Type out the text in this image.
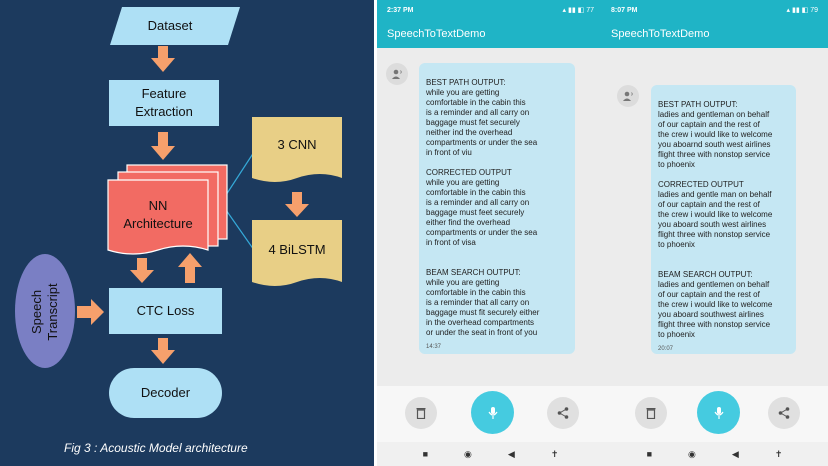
Dataset
Feature
Extraction
NN
Architecture
3 CNN
4 BiLSTM
CTC Loss
Speech
Transcript
Decoder
Fig 3 : Acoustic Model architecture
2:37 PM	▴ ▮▮ ◧ 77
SpeechToTextDemo

BEST PATH OUTPUT:
while you are getting
comfortable in the cabin this
is a reminder and all carry on
baggage must fet securely
neither ind the overhead
compartments or under the sea
in front of viu

CORRECTED OUTPUT
while you are getting
comfortable in the cabin this
is a reminder and all carry on
baggage must feet securely
either find the overhead
compartments or under the sea
in front of visa

BEAM SEARCH OUTPUT:
while you are getting
comfortable in the cabin this
is a reminder that all carry on
baggage must fit securely either
in the overhead compartments
or under the seat in front of you

14:37

■	◉	◀	✝
8:07 PM	▴ ▮▮ ◧ 79
SpeechToTextDemo

BEST PATH OUTPUT:
ladies and gentleman on behalf
of our captain and the rest of
the crew i would like to welcome
you aboarnd south west airlines
flight three with nonstop service
to phoenix

CORRECTED OUTPUT
ladies and gentle man on behalf
of our captain and the rest of
the crew i would like to welcome
you aboard south west airlines
flight three with nonstop service
to phoenix

BEAM SEARCH OUTPUT:
ladies and gentlemen on behalf
of our captain and the rest of
the crew i would like to welcome
you aboard southwest airlines
flight three with nonstop service
to phoenix

20:07

■	◉	◀	✝
